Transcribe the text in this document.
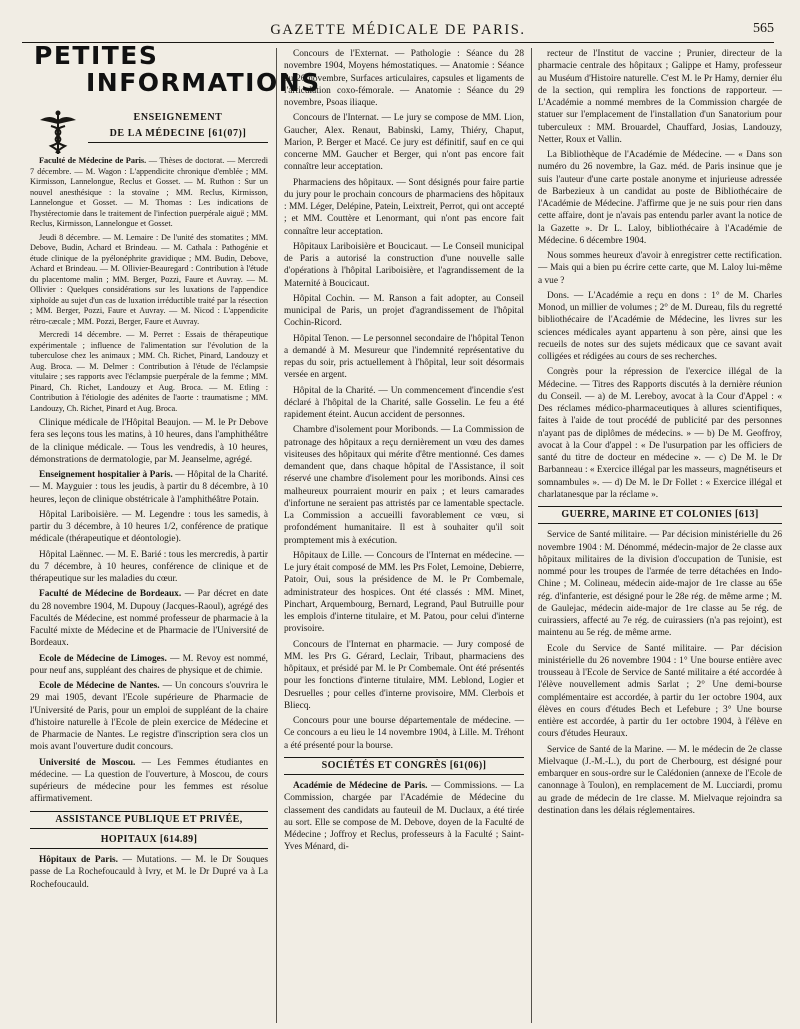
GAZETTE MÉDICALE DE PARIS.	565
PETITES
INFORMATIONS
ENSEIGNEMENT
DE LA MÉDECINE [61(07)]

Faculté de Médecine de Paris. — Thèses de doctorat. — Mercredi 7 décembre. — M. Wagon : L'appendicite chronique d'emblée ; MM. Kirmisson, Lannelongue, Reclus et Gosset. — M. Ruthon : Sur un nouvel anesthésique : la stovaïne ; MM. Reclus, Kirmisson, Lannelongue et Gosset. — M. Thomas : Les indications de l'hystérectomie dans le traitement de l'infection puerpérale aiguë ; MM. Reclus, Kirmisson, Lannelongue et Gosset.

Jeudi 8 décembre. — M. Lemaire : De l'unité des stomatites ; MM. Debove, Budin, Achard et Brindeau. — M. Cathala : Pathogénie et étude clinique de la pyélonéphrite gravidique ; MM. Budin, Debove, Achard et Brindeau. — M. Ollivier-Beauregard : Contribution à l'étude du placentome malin ; MM. Berger, Pozzi, Faure et Auvray. — M. Ollivier : Quelques considérations sur les luxations de l'appendice xiphoïde au sujet d'un cas de luxation irréductible traité par la résection ; MM. Berger, Pozzi, Faure et Auvray. — M. Nicod : L'appendicite rétro-cæcale ; MM. Pozzi, Berger, Faure et Auvray.

Mercredi 14 décembre. — M. Perret : Essais de thérapeutique expérimentale ; influence de l'alimentation sur l'évolution de la tuberculose chez les animaux ; MM. Ch. Richet, Pinard, Landouzy et Aug. Broca. — M. Delmer : Contribution à l'étude de l'éclampsie vitulaire ; ses rapports avec l'éclampsie puerpérale de la femme ; MM. Pinard, Ch. Richet, Landouzy et Aug. Broca. — M. Etling : Contribution à l'étiologie des adénites de l'aorte : traumatisme ; MM. Landouzy, Ch. Richet, Pinard et Aug. Broca.

Clinique médicale de l'Hôpital Beaujon. — M. le Pr Debove fera ses leçons tous les matins, à 10 heures, dans l'amphithéâtre de la clinique médicale. — Tous les vendredis, à 10 heures, démonstrations de dermatologie, par M. Jeanselme, agrégé.

Enseignement hospitalier à Paris. — Hôpital de la Charité. — M. Mayguier : tous les jeudis, à partir du 8 décembre, à 10 heures, leçon de clinique obstétricale à l'amphithéâtre Potain.

Hôpital Lariboisière. — M. Legendre : tous les samedis, à partir du 3 décembre, à 10 heures 1/2, conférence de pratique médicale (thérapeutique et déontologie).

Hôpital Laënnec. — M. E. Barié : tous les mercredis, à partir du 7 décembre, à 10 heures, conférence de clinique et de thérapeutique sur les maladies du cœur.

Faculté de Médecine de Bordeaux. — Par décret en date du 28 novembre 1904, M. Dupouy (Jacques-Raoul), agrégé des Facultés de Médecine, est nommé professeur de pharmacie à la Faculté mixte de Médecine et de Pharmacie de l'Université de Bordeaux.

Ecole de Médecine de Limoges. — M. Revoy est nommé, pour neuf ans, suppléant des chaires de physique et de chimie.

Ecole de Médecine de Nantes. — Un concours s'ouvrira le 29 mai 1905, devant l'Ecole supérieure de Pharmacie de l'Université de Paris, pour un emploi de suppléant de la chaire d'histoire naturelle à l'Ecole de plein exercice de Médecine et de Pharmacie de Nantes. Le registre d'inscription sera clos un mois avant l'ouverture dudit concours.

Université de Moscou. — Les Femmes étudiantes en médecine. — La question de l'ouverture, à Moscou, de cours supérieurs de médecine pour les femmes est résolue affirmativement.

ASSISTANCE PUBLIQUE ET PRIVÉE,
HOPITAUX [614.89]

Hôpitaux de Paris. — Mutations. — M. le Dr Souques passe de La Rochefoucauld à Ivry, et M. le Dr Dupré va à La Rochefoucauld.

Concours de l'Externat. — Pathologie : Séance du 28 novembre 1904, Moyens hémostatiques. — Anatomie : Séance du 26 novembre, Surfaces articulaires, capsules et ligaments de l'articulation coxo-fémorale. — Anatomie : Séance du 29 novembre, Psoas iliaque.

Concours de l'Internat. — Le jury se compose de MM. Lion, Gaucher, Alex. Renaut, Babinski, Lamy, Thiéry, Chaput, Marion, P. Berger et Macé. Ce jury est définitif, sauf en ce qui concerne MM. Gaucher et Berger, qui n'ont pas encore fait connaître leur acceptation.

Pharmaciens des hôpitaux. — Sont désignés pour faire partie du jury pour le prochain concours de pharmaciens des hôpitaux : MM. Léger, Delépine, Patein, Leixtreit, Perrot, qui ont accepté ; et MM. Couttère et Lenormant, qui n'ont pas encore fait connaître leur acceptation.

Hôpitaux Lariboisière et Boucicaut. — Le Conseil municipal de Paris a autorisé la construction d'une nouvelle salle d'opérations à l'hôpital Lariboisière, et l'agrandissement de la Maternité à Boucicaut.

Hôpital Cochin. — M. Ranson a fait adopter, au Conseil municipal de Paris, un projet d'agrandissement de l'hôpital Cochin-Ricord.

Hôpital Tenon. — Le personnel secondaire de l'hôpital Tenon a demandé à M. Mesureur que l'indemnité représentative du repas du soir, pris actuellement à l'hôpital, leur soit désormais versée en argent.

Hôpital de la Charité. — Un commencement d'incendie s'est déclaré à l'hôpital de la Charité, salle Gosselin. Le feu a été rapidement éteint. Aucun accident de personnes.

Chambre d'isolement pour Moribonds. — La Commission de patronage des hôpitaux a reçu dernièrement un vœu des dames visiteuses des hôpitaux qui mérite d'être mentionné. Ces dames demandent que, dans chaque hôpital de l'Assistance, il soit réservé une chambre d'isolement pour les moribonds. Ainsi ces malheureux pourraient mourir en paix ; et leurs camarades d'infortune ne seraient pas attristés par ce lamentable spectacle. La Commission a accueilli favorablement ce vœu, si profondément humanitaire. Il est à souhaiter qu'il soit promptement mis à exécution.

Hôpitaux de Lille. — Concours de l'Internat en médecine. — Le jury était composé de MM. les Prs Folet, Lemoine, Debierre, Patoir, Oui, sous la présidence de M. le Pr Combemale, administrateur des hospices. Ont été classés : MM. Minet, Pinchart, Arquembourg, Bernard, Legrand, Paul Butruille pour les emplois d'interne titulaire, et M. Patou, pour celui d'interne provisoire.

Concours de l'Internat en pharmacie. — Jury composé de MM. les Prs G. Gérard, Leclair, Tribaut, pharmaciens des hôpitaux, et présidé par M. le Pr Combemale. Ont été présentés pour les fonctions d'interne titulaire, MM. Leblond, Logier et Desruelles ; pour celles d'interne provisoire, MM. Clerbois et Bliecq.

Concours pour une bourse départementale de médecine. — Ce concours a eu lieu le 14 novembre 1904, à Lille. M. Tréhont a été présenté pour la bourse.

SOCIÉTÉS ET CONGRÈS [61(06)]

Académie de Médecine de Paris. — Commissions. — La Commission, chargée par l'Académie de Médecine du classement des candidats au fauteuil de M. Duclaux, a été tirée au sort. Elle se compose de M. Debove, doyen de la Faculté de Médecine ; Joffroy et Reclus, professeurs à la Faculté ; Saint-Yves Ménard, di-

recteur de l'Institut de vaccine ; Prunier, directeur de la pharmacie centrale des hôpitaux ; Galippe et Hamy, professeur au Muséum d'Histoire naturelle. C'est M. le Pr Hamy, dernier élu de la section, qui remplira les fonctions de rapporteur. — L'Académie a nommé membres de la Commission chargée de statuer sur l'emplacement de l'installation d'un Sanatorium pour tuberculeux : MM. Brouardel, Chauffard, Josias, Landouzy, Netter, Roux et Vallin.

La Bibliothèque de l'Académie de Médecine. — « Dans son numéro du 26 novembre, la Gaz. méd. de Paris insinue que je suis l'auteur d'une carte postale anonyme et injurieuse adressée de Barbezieux à un candidat au poste de Bibliothécaire de l'Académie de Médecine. J'affirme que je ne suis pour rien dans cette affaire, dont je n'avais pas entendu parler avant la notice de la Gazette ». Dr L. Laloy, bibliothécaire à l'Académie de Médecine. 6 décembre 1904.

Nous sommes heureux d'avoir à enregistrer cette rectification. — Mais qui a bien pu écrire cette carte, que M. Laloy lui-même a vue ?

Dons. — L'Académie a reçu en dons : 1° de M. Charles Monod, un millier de volumes ; 2° de M. Dureau, fils du regretté bibliothécaire de l'Académie de Médecine, les livres sur les sciences médicales ayant appartenu à son père, ainsi que les recueils de notes sur des sujets médicaux que ce savant avait colligées et rédigées au cours de ses recherches.

Congrès pour la répression de l'exercice illégal de la Médecine. — Titres des Rapports discutés à la dernière réunion du Conseil. — a) de M. Lereboy, avocat à la Cour d'Appel : « Des réclames médico-pharmaceutiques à allures scientifiques, faites à l'aide de tout procédé de publicité par des personnes n'ayant pas de diplômes de médecins. » — b) De M. Geoffroy, avocat à la Cour d'appel : « De l'usurpation par les officiers de santé du titre de docteur en médecine ». — c) De M. le Dr Barbanneau : « Exercice illégal par les masseurs, magnétiseurs et somnambules ». — d) De M. le Dr Follet : « Exercice illégal et charlatanesque par la réclame ».

GUERRE, MARINE ET COLONIES [613]

Service de Santé militaire. — Par décision ministérielle du 26 novembre 1904 : M. Dénommé, médecin-major de 2e classe aux hôpitaux militaires de la division d'occupation de Tunisie, est nommé pour les troupes de l'armée de terre détachées en Indo-Chine ; M. Colineau, médecin aide-major de 1re classe au 65e rég. d'infanterie, est désigné pour le 28e rég. de même arme ; M. de Gaulejac, médecin aide-major de 1re classe au 5e rég. de cuirassiers, affecté au 7e rég. de cuirassiers (n'a pas rejoint), est maintenu au 5e rég. de même arme.

Ecole du Service de Santé militaire. — Par décision ministérielle du 26 novembre 1904 : 1° Une bourse entière avec trousseau à l'Ecole de Service de Santé militaire a été accordée à l'élève nouvellement admis Sarlat ; 2° Une demi-bourse complémentaire est accordée, à partir du 1er octobre 1904, aux élèves en cours d'études Bech et Lefebure ; 3° Une bourse entière est accordée, à partir du 1er octobre 1904, à l'élève en cours d'études Heuraux.

Service de Santé de la Marine. — M. le médecin de 2e classe Mielvaque (J.-M.-L.), du port de Cherbourg, est désigné pour embarquer en sous-ordre sur le Calédonien (annexe de l'Ecole de canonnage à Toulon), en remplacement de M. Lucciardi, promu au grade de médecin de 1re classe. M. Mielvaque rejoindra sa destination dans les délais réglementaires.
